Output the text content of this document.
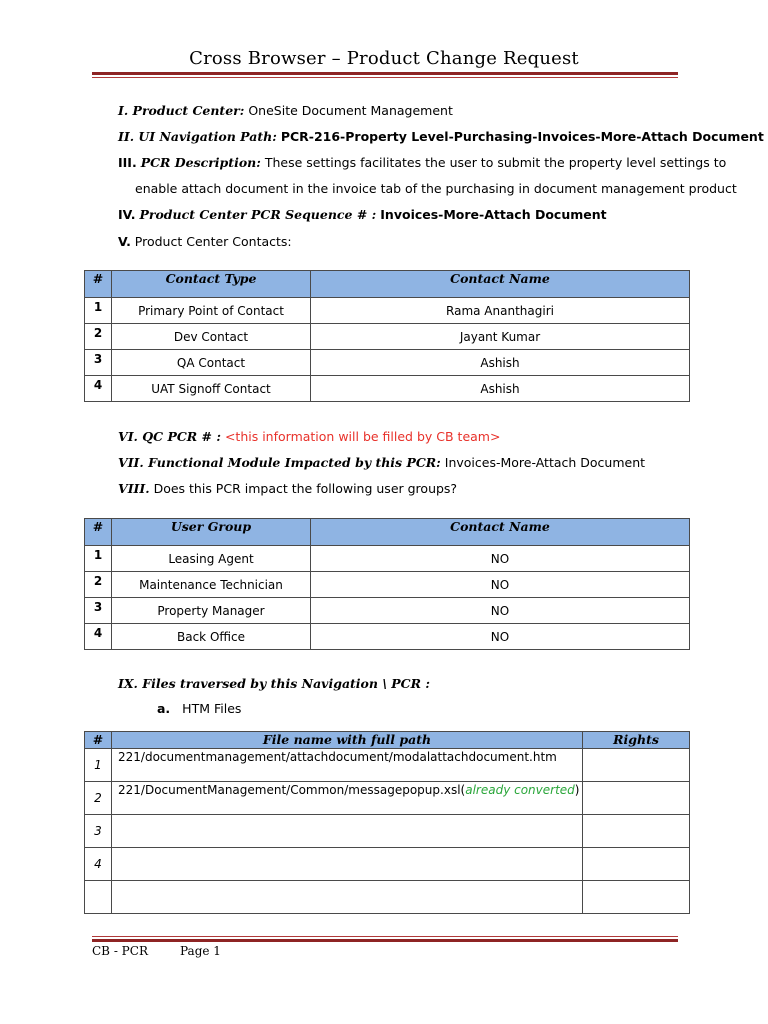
Cross Browser – Product Change Request
I. Product Center: OneSite Document Management
II. UI Navigation Path: PCR-216-Property Level-Purchasing-Invoices-More-Attach Document
III. PCR Description: These settings facilitates the user to submit the property level settings to
enable attach document in the invoice tab of the purchasing in document management product
IV. Product Center PCR Sequence # : Invoices-More-Attach Document
V. Product Center Contacts:
#	Contact Type	Contact Name
1	Primary Point of Contact	Rama Ananthagiri
2	Dev Contact	Jayant Kumar
3	QA Contact	Ashish
4	UAT Signoff Contact	Ashish
VI. QC PCR # : <this information will be filled by CB team>
VII. Functional Module Impacted by this PCR: Invoices-More-Attach Document
VIII. Does this PCR impact the following user groups?
#	User Group	Contact Name
1	Leasing Agent	NO
2	Maintenance Technician	NO
3	Property Manager	NO
4	Back Office	NO
IX. Files traversed by this Navigation \ PCR :
a. HTM Files
#	File name with full path	Rights
1	221/documentmanagement/attachdocument/modalattachdocument.htm	
2	221/DocumentManagement/Common/messagepopup.xsl(already converted)	
3		
4		

CB - PCR	Page 1
